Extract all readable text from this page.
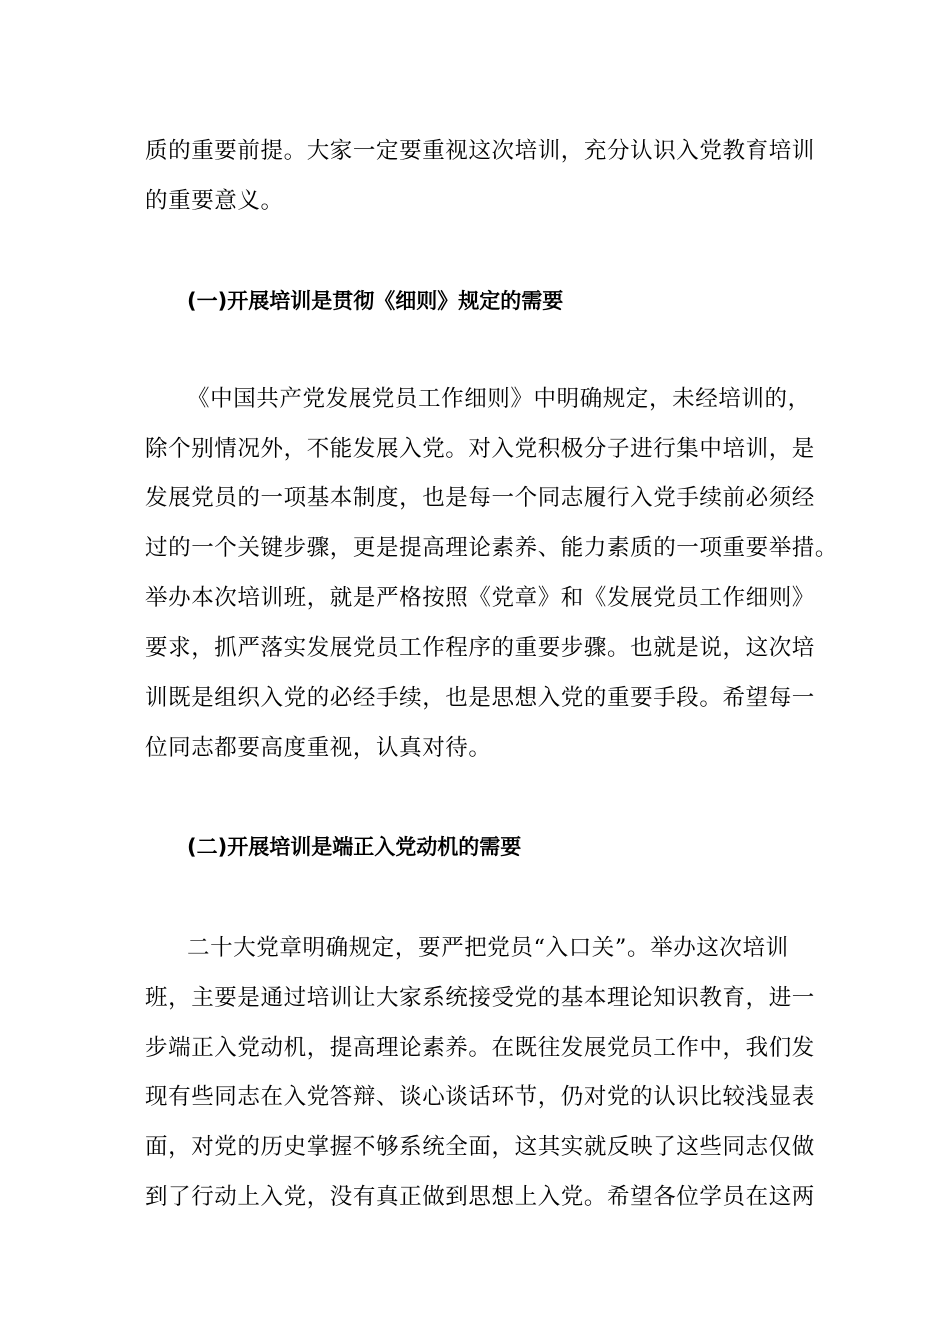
质的重要前提。大家一定要重视这次培训，充分认识入党教育培训
的重要意义。
(一)开展培训是贯彻《细则》规定的需要
《中国共产党发展党员工作细则》中明确规定，未经培训的，
除个别情况外，不能发展入党。对入党积极分子进行集中培训，是
发展党员的一项基本制度，也是每一个同志履行入党手续前必须经
过的一个关键步骤，更是提高理论素养、能力素质的一项重要举措。
举办本次培训班，就是严格按照《党章》和《发展党员工作细则》
要求，抓严落实发展党员工作程序的重要步骤。也就是说，这次培
训既是组织入党的必经手续，也是思想入党的重要手段。希望每一
位同志都要高度重视，认真对待。
(二)开展培训是端正入党动机的需要
二十大党章明确规定，要严把党员“入口关”。举办这次培训
班，主要是通过培训让大家系统接受党的基本理论知识教育，进一
步端正入党动机，提高理论素养。在既往发展党员工作中，我们发
现有些同志在入党答辩、谈心谈话环节，仍对党的认识比较浅显表
面，对党的历史掌握不够系统全面，这其实就反映了这些同志仅做
到了行动上入党，没有真正做到思想上入党。希望各位学员在这两
